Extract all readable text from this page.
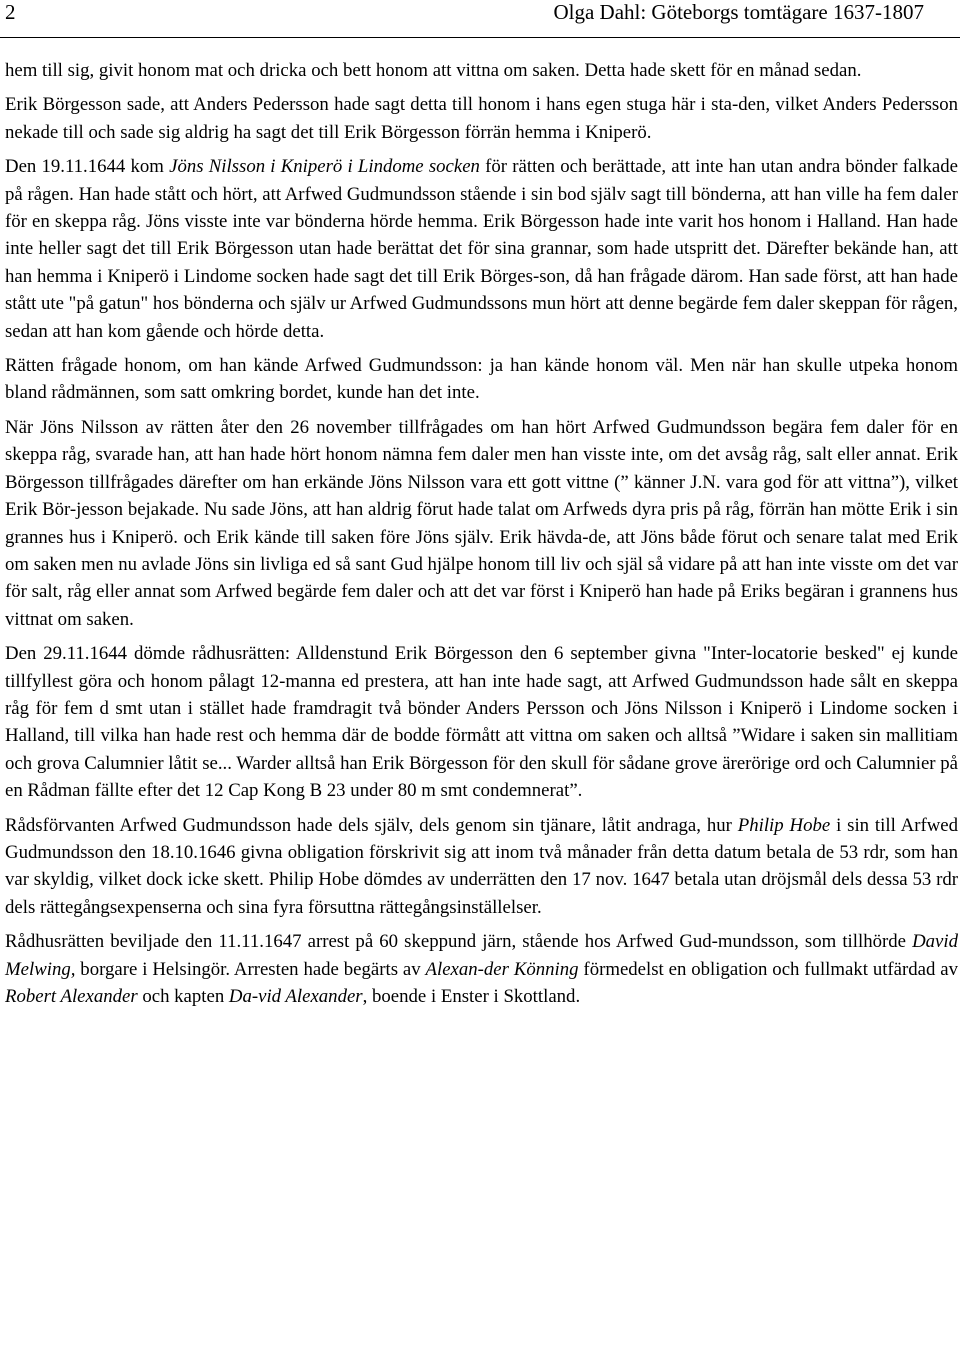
2	Olga Dahl: Göteborgs tomtägare 1637-1807

hem till sig, givit honom mat och dricka och bett honom att vittna om saken. Detta hade skett för en månad sedan.

Erik Börgesson sade, att Anders Pedersson hade sagt detta till honom i hans egen stuga här i sta-den, vilket Anders Pedersson nekade till och sade sig aldrig ha sagt det till Erik Börgesson förrän hemma i Kniperö.

Den 19.11.1644 kom Jöns Nilsson i Kniperö i Lindome socken för rätten och berättade, att inte han utan andra bönder falkade på rågen. Han hade stått och hört, att Arfwed Gudmundsson stående i sin bod själv sagt till bönderna, att han ville ha fem daler för en skeppa råg. Jöns visste inte var bönderna hörde hemma. Erik Börgesson hade inte varit hos honom i Halland. Han hade inte heller sagt det till Erik Börgesson utan hade berättat det för sina grannar, som hade utspritt det. Därefter bekände han, att han hemma i Kniperö i Lindome socken hade sagt det till Erik Börges-son, då han frågade därom. Han sade först, att han hade stått ute "på gatun" hos bönderna och själv ur Arfwed Gudmundssons mun hört att denne begärde fem daler skeppan för rågen, sedan att han kom gående och hörde detta.

Rätten frågade honom, om han kände Arfwed Gudmundsson: ja han kände honom väl. Men när han skulle utpeka honom bland rådmännen, som satt omkring bordet, kunde han det inte.

När Jöns Nilsson av rätten åter den 26 november tillfrågades om han hört Arfwed Gudmundsson begära fem daler för en skeppa råg, svarade han, att han hade hört honom nämna fem daler men han visste inte, om det avsåg råg, salt eller annat. Erik Börgesson tillfrågades därefter om han erkände Jöns Nilsson vara ett gott vittne (” känner J.N. vara god för att vittna”), vilket Erik Bör-jesson bejakade. Nu sade Jöns, att han aldrig förut hade talat om Arfweds dyra pris på råg, förrän han mötte Erik i sin grannes hus i Kniperö. och Erik kände till saken före Jöns själv. Erik hävda-de, att Jöns både förut och senare talat med Erik om saken men nu avlade Jöns sin livliga ed så sant Gud hjälpe honom till liv och själ så vidare på att han inte visste om det var för salt, råg eller annat som Arfwed begärde fem daler och att det var först i Kniperö han hade på Eriks begäran i grannens hus vittnat om saken.

Den 29.11.1644 dömde rådhusrätten: Alldenstund Erik Börgesson den 6 september givna "Inter-locatorie besked" ej kunde tillfyllest göra och honom pålagt 12-manna ed prestera, att han inte hade sagt, att Arfwed Gudmundsson hade sålt en skeppa råg för fem d smt utan i stället hade framdragit två bönder Anders Persson och Jöns Nilsson i Kniperö i Lindome socken i Halland, till vilka han hade rest och hemma där de bodde förmått att vittna om saken och alltså ”Widare i saken sin mallitiam och grova Calumnier låtit se... Warder alltså han Erik Börgesson för den skull för sådane grove ärerörige ord och Calumnier på en Rådman fällte efter det 12 Cap Kong B 23 under 80 m smt condemnerat”.

Rådsförvanten Arfwed Gudmundsson hade dels själv, dels genom sin tjänare, låtit andraga, hur Philip Hobe i sin till Arfwed Gudmundsson den 18.10.1646 givna obligation förskrivit sig att inom två månader från detta datum betala de 53 rdr, som han var skyldig, vilket dock icke skett. Philip Hobe dömdes av underrätten den 17 nov. 1647 betala utan dröjsmål dels dessa 53 rdr dels rättegångsexpenserna och sina fyra försuttna rättegångsinställelser.

Rådhusrätten beviljade den 11.11.1647 arrest på 60 skeppund järn, stående hos Arfwed Gud-mundsson, som tillhörde David Melwing, borgare i Helsingör. Arresten hade begärts av Alexan-der Könning förmedelst en obligation och fullmakt utfärdad av Robert Alexander och kapten Da-vid Alexander, boende i Enster i Skottland.
